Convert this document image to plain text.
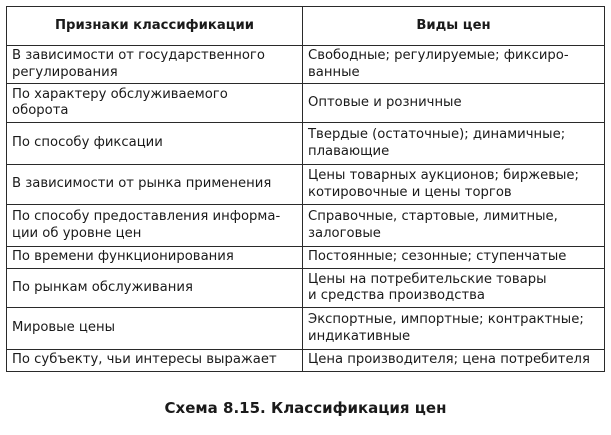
Признаки классификации	Виды цен
В зависимости от государственного
регулирования	Свободные; регулируемые; фиксиро-
ванные
По характеру обслуживаемого
оборота	Оптовые и розничные
По способу фиксации	Твердые (остаточные); динамичные;
плавающие
В зависимости от рынка применения	Цены товарных аукционов; биржевые;
котировочные и цены торгов
По способу предоставления информа-
ции об уровне цен	Справочные, стартовые, лимитные,
залоговые
По времени функционирования	Постоянные; сезонные; ступенчатые
По рынкам обслуживания	Цены на потребительские товары
и средства производства
Мировые цены	Экспортные, импортные; контрактные;
индикативные
По субъекту, чьи интересы выражает	Цена производителя; цена потребителя
Схема 8.15. Классификация цен
